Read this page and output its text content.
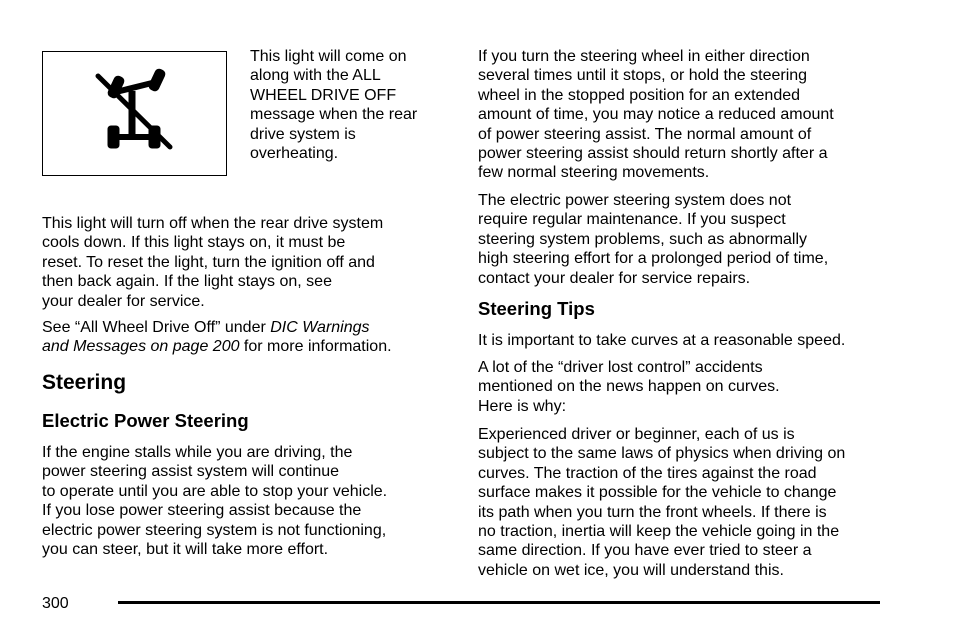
This light will come on
along with the ALL
WHEEL DRIVE OFF
message when the rear
drive system is
overheating.
This light will turn off when the rear drive system
cools down. If this light stays on, it must be
reset. To reset the light, turn the ignition off and
then back again. If the light stays on, see
your dealer for service.
See “All Wheel Drive Off” under DIC Warnings
and Messages on page 200 for more information.
Steering
Electric Power Steering
If the engine stalls while you are driving, the
power steering assist system will continue
to operate until you are able to stop your vehicle.
If you lose power steering assist because the
electric power steering system is not functioning,
you can steer, but it will take more effort.
If you turn the steering wheel in either direction
several times until it stops, or hold the steering
wheel in the stopped position for an extended
amount of time, you may notice a reduced amount
of power steering assist. The normal amount of
power steering assist should return shortly after a
few normal steering movements.
The electric power steering system does not
require regular maintenance. If you suspect
steering system problems, such as abnormally
high steering effort for a prolonged period of time,
contact your dealer for service repairs.
Steering Tips
It is important to take curves at a reasonable speed.
A lot of the “driver lost control” accidents
mentioned on the news happen on curves.
Here is why:
Experienced driver or beginner, each of us is
subject to the same laws of physics when driving on
curves. The traction of the tires against the road
surface makes it possible for the vehicle to change
its path when you turn the front wheels. If there is
no traction, inertia will keep the vehicle going in the
same direction. If you have ever tried to steer a
vehicle on wet ice, you will understand this.
300
